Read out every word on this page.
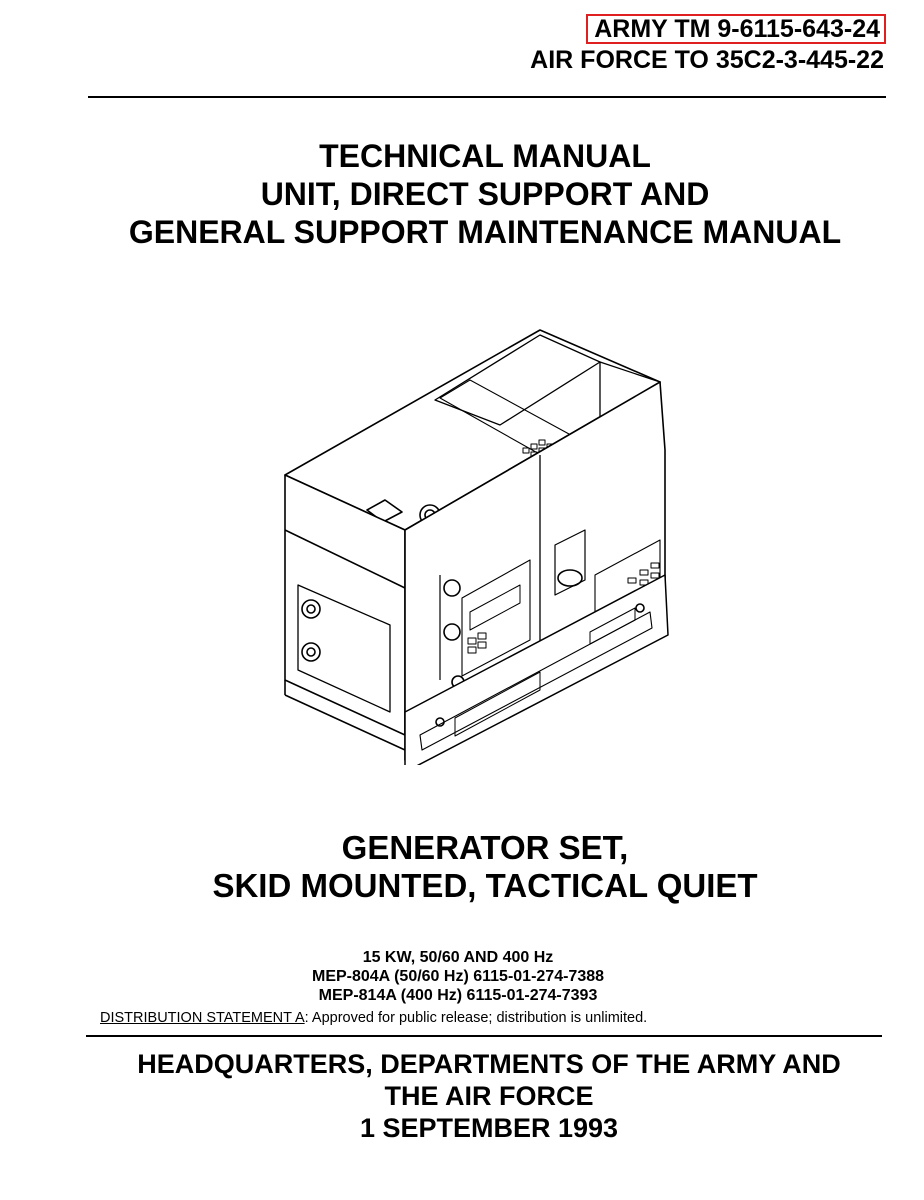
ARMY TM 9-6115-643-24
AIR FORCE TO 35C2-3-445-22
TECHNICAL MANUAL
UNIT, DIRECT SUPPORT AND
GENERAL SUPPORT MAINTENANCE MANUAL
GENERATOR SET,
SKID MOUNTED, TACTICAL QUIET
15 KW, 50/60 AND 400 Hz
MEP-804A (50/60 Hz) 6115-01-274-7388
MEP-814A (400 Hz) 6115-01-274-7393
DISTRIBUTION STATEMENT A: Approved for public release; distribution is unlimited.
HEADQUARTERS, DEPARTMENTS OF THE ARMY AND
THE AIR FORCE
1 SEPTEMBER 1993
